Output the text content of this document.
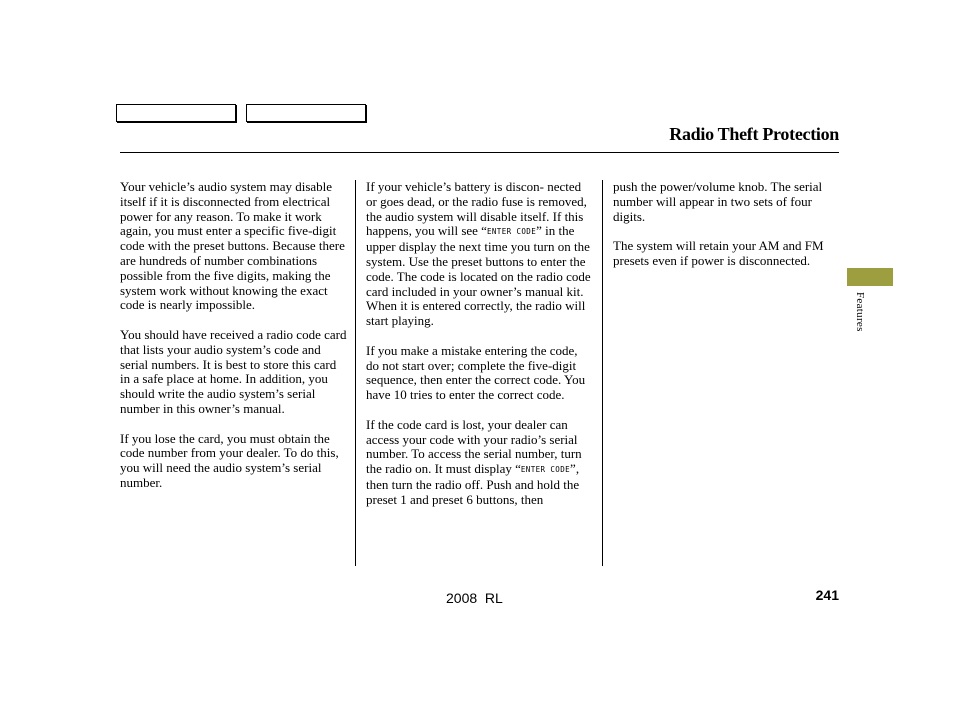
Radio Theft Protection

Your vehicle’s audio system may disable itself if it is disconnected from electrical power for any reason. To make it work again, you must enter a specific five-digit code with the preset buttons. Because there are hundreds of number combinations possible from the five digits, making the system work without knowing the exact code is nearly impossible.

You should have received a radio code card that lists your audio system’s code and serial numbers. It is best to store this card in a safe place at home. In addition, you should write the audio system’s serial number in this owner’s manual.

If you lose the card, you must obtain the code number from your dealer. To do this, you will need the audio system’s serial number.

If your vehicle’s battery is discon- nected or goes dead, or the radio fuse is removed, the audio system will disable itself. If this happens, you will see “ENTER CODE” in the upper display the next time you turn on the system. Use the preset buttons to enter the code. The code is located on the radio code card included in your owner’s manual kit. When it is entered correctly, the radio will start playing.

If you make a mistake entering the code, do not start over; complete the five-digit sequence, then enter the correct code. You have 10 tries to enter the correct code.

If the code card is lost, your dealer can access your code with your radio’s serial number. To access the serial number, turn the radio on. It must display “ENTER CODE”, then turn the radio off. Push and hold the preset 1 and preset 6 buttons, then

push the power/volume knob. The serial number will appear in two sets of four digits.

The system will retain your AM and FM presets even if power is disconnected.

Features
2008  RL	241
